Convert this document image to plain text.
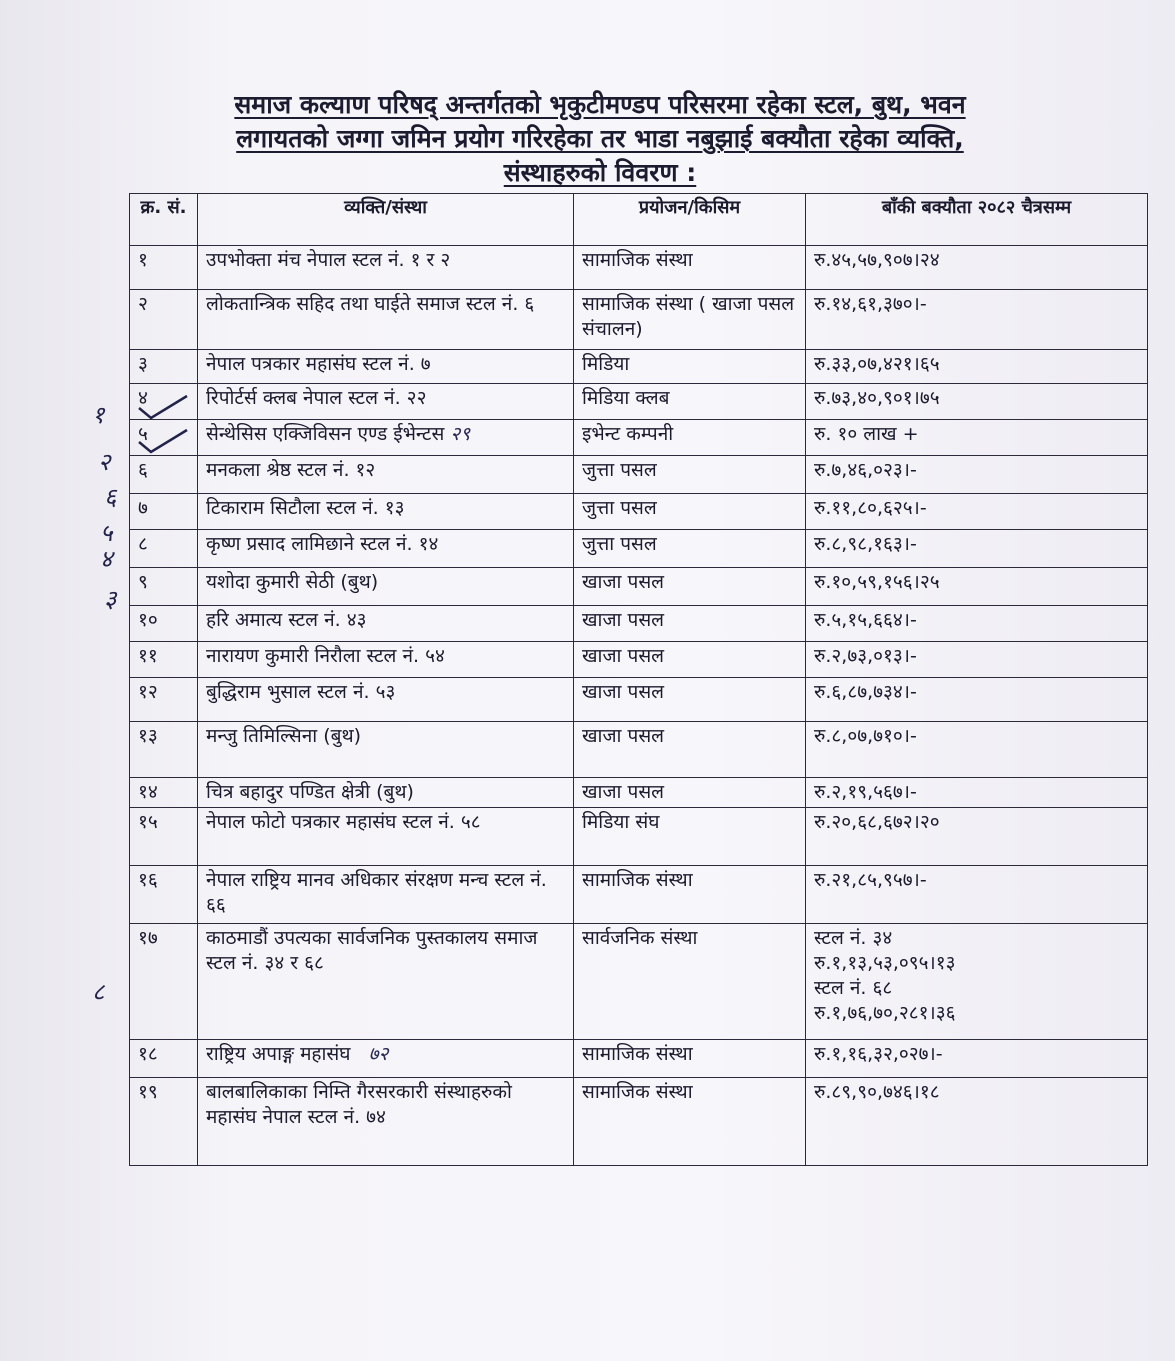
समाज कल्याण परिषद् अन्तर्गतको भृकुटीमण्डप परिसरमा रहेका स्टल, बुथ, भवन
लगायतको जग्गा जमिन प्रयोग गरिरहेका तर भाडा नबुझाई बक्यौता रहेका व्यक्ति,
संस्थाहरुको विवरण :
क्र. सं.	व्यक्ति/संस्था	प्रयोजन/किसिम	बाँकी बक्यौता २०८२ चैत्रसम्म
१	उपभोक्ता मंच नेपाल स्टल नं. १ र २	सामाजिक संस्था	रु.४५,५७,९०७।२४

२	लोकतान्त्रिक सहिद तथा घाईते समाज स्टल नं. ६	सामाजिक संस्था ( खाजा पसल संचालन)	रु.१४,६१,३७०।-

३	नेपाल पत्रकार महासंघ स्टल नं. ७	मिडिया	रु.३३,०७,४२१।६५

४	रिपोर्टर्स क्लब नेपाल स्टल नं. २२	मिडिया क्लब	रु.७३,४०,९०१।७५

५	सेन्थेसिस एक्जिविसन एण्ड ईभेन्टस २९	इभेन्ट कम्पनी	रु. १० लाख +

६	मनकला श्रेष्ठ स्टल नं. १२	जुत्ता पसल	रु.७,४६,०२३।-

७	टिकाराम सिटौला स्टल नं. १३	जुत्ता पसल	रु.११,८०,६२५।-

८	कृष्ण प्रसाद लामिछाने स्टल नं. १४	जुत्ता पसल	रु.८,९८,१६३।-

९	यशोदा कुमारी सेठी (बुथ)	खाजा पसल	रु.१०,५९,१५६।२५

१०	हरि अमात्य स्टल नं. ४३	खाजा पसल	रु.५,१५,६६४।-

११	नारायण कुमारी निरौला स्टल नं. ५४	खाजा पसल	रु.२,७३,०१३।-

१२	बुद्धिराम भुसाल स्टल नं. ५३	खाजा पसल	रु.६,८७,७३४।-

१३	मन्जु तिमिल्सिना (बुथ)	खाजा पसल	रु.८,०७,७१०।-

१४	चित्र बहादुर पण्डित क्षेत्री (बुथ)	खाजा पसल	रु.२,१९,५६७।-

१५	नेपाल फोटो पत्रकार महासंघ स्टल नं. ५८	मिडिया संघ	रु.२०,६८,६७२।२०

१६	नेपाल राष्ट्रिय मानव अधिकार संरक्षण मन्च स्टल नं. ६६	सामाजिक संस्था	रु.२१,८५,९५७।-

१७	काठमाडौं उपत्यका सार्वजनिक पुस्तकालय समाज स्टल नं. ३४ र ६८	सार्वजनिक संस्था	स्टल नं. ३४
रु.१,१३,५३,०९५।१३
स्टल नं. ६८
रु.१,७६,७०,२८१।३६

१८	राष्ट्रिय अपाङ्ग महासंघ ७२	सामाजिक संस्था	रु.१,१६,३२,०२७।-

१९	बालबालिकाका निम्ति गैरसरकारी संस्थाहरुको महासंघ नेपाल स्टल नं. ७४	सामाजिक संस्था	रु.८९,९०,७४६।१८
१
२
६
५
४
३
८
